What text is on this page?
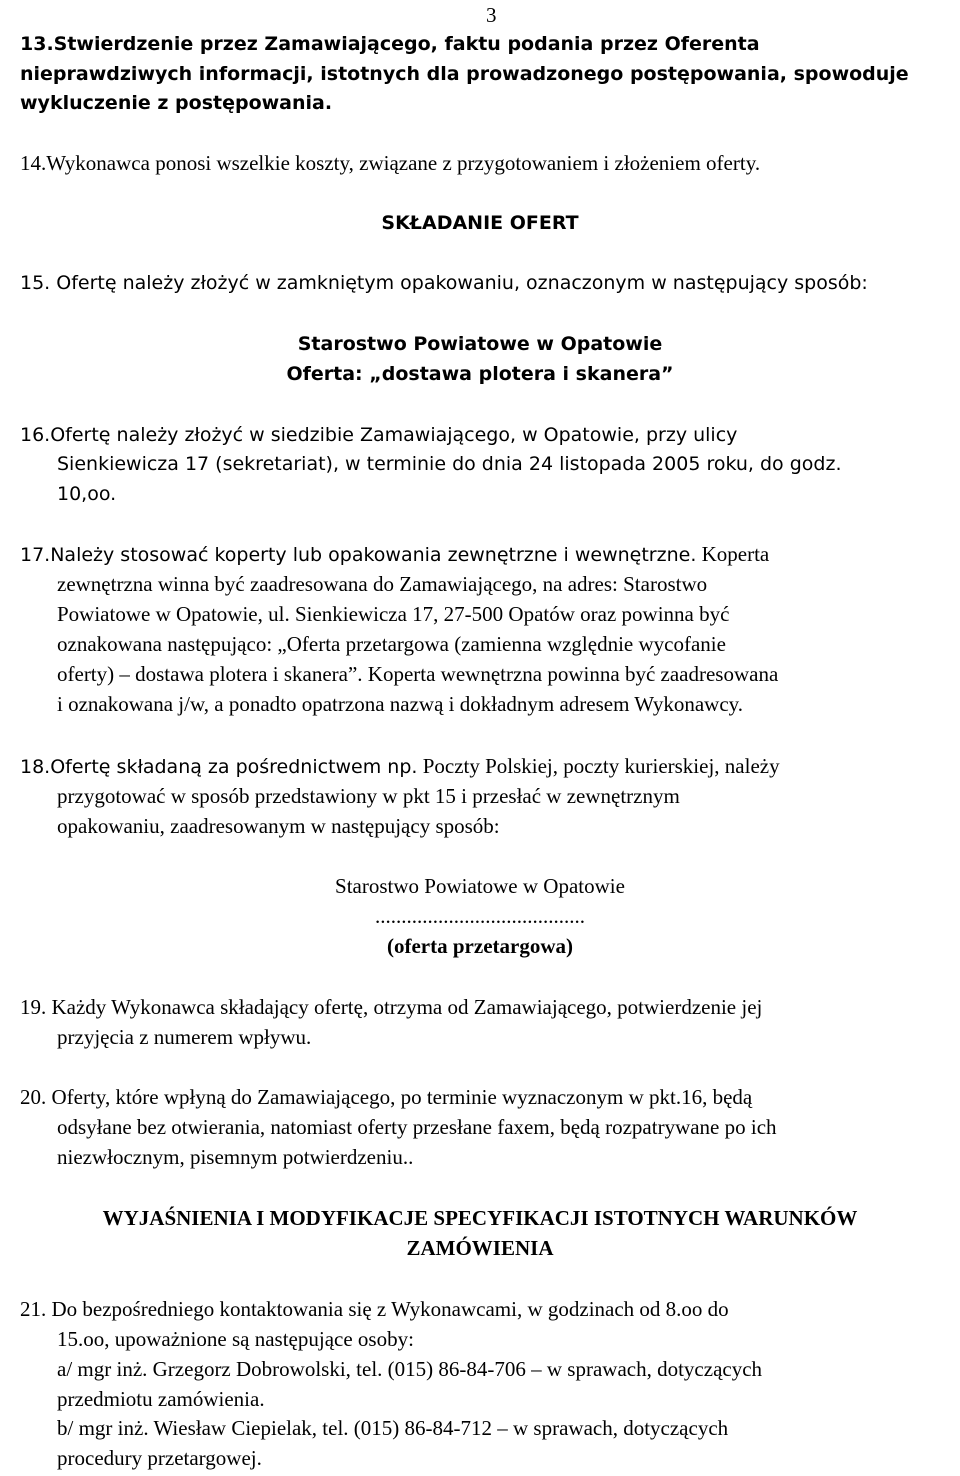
3
13.Stwierdzenie przez Zamawiającego, faktu podania przez Oferenta
nieprawdziwych informacji, istotnych dla prowadzonego postępowania, spowoduje
wykluczenie z postępowania.
14.Wykonawca ponosi wszelkie koszty, związane z przygotowaniem i złożeniem oferty.
SKŁADANIE OFERT
15. Ofertę należy złożyć w zamkniętym opakowaniu, oznaczonym w następujący sposób:
Starostwo Powiatowe w Opatowie
Oferta: „dostawa plotera i skanera”
16.Ofertę należy złożyć w siedzibie Zamawiającego, w Opatowie, przy ulicy
Sienkiewicza 17 (sekretariat), w terminie do dnia 24 listopada 2005 roku, do godz.
10,oo.
17.Należy stosować koperty lub opakowania zewnętrzne i wewnętrzne. Koperta
zewnętrzna winna być zaadresowana do Zamawiającego, na adres: Starostwo
Powiatowe w Opatowie, ul. Sienkiewicza 17, 27-500 Opatów oraz powinna być
oznakowana następująco: „Oferta przetargowa (zamienna względnie wycofanie
oferty) – dostawa plotera i skanera”. Koperta wewnętrzna powinna być zaadresowana
i oznakowana j/w, a ponadto opatrzona nazwą i dokładnym adresem Wykonawcy.
18.Ofertę składaną za pośrednictwem np. Poczty Polskiej, poczty kurierskiej, należy
przygotować w sposób przedstawiony w pkt 15 i przesłać w zewnętrznym
opakowaniu, zaadresowanym w następujący sposób:
Starostwo Powiatowe w Opatowie
........................................
(oferta przetargowa)
19. Każdy Wykonawca składający ofertę, otrzyma od Zamawiającego, potwierdzenie jej
przyjęcia z numerem wpływu.
20. Oferty, które wpłyną do Zamawiającego, po terminie wyznaczonym w pkt.16, będą
odsyłane bez otwierania, natomiast oferty przesłane faxem, będą rozpatrywane po ich
niezwłocznym, pisemnym potwierdzeniu..
WYJAŚNIENIA I MODYFIKACJE SPECYFIKACJI ISTOTNYCH WARUNKÓW
ZAMÓWIENIA
21. Do bezpośredniego kontaktowania się z Wykonawcami, w godzinach od 8.oo do
15.oo, upoważnione są następujące osoby:
a/ mgr inż. Grzegorz Dobrowolski, tel. (015) 86-84-706 – w sprawach, dotyczących
przedmiotu zamówienia.
b/ mgr inż. Wiesław Ciepielak, tel. (015) 86-84-712 – w sprawach, dotyczących
procedury przetargowej.
